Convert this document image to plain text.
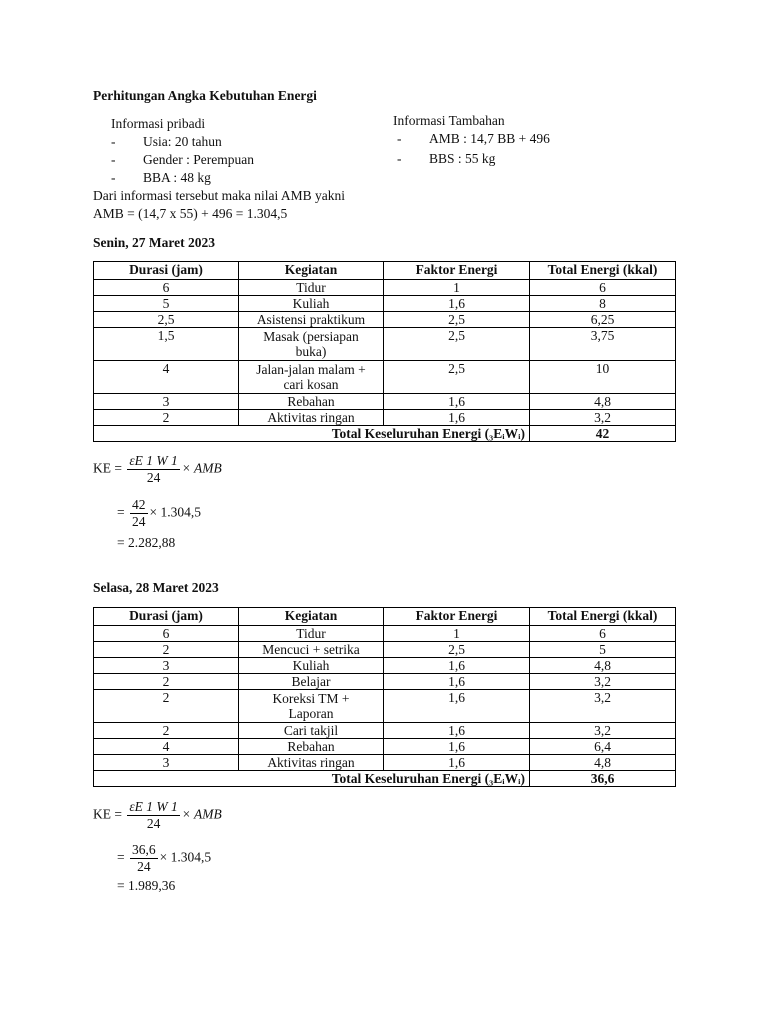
Perhitungan Angka Kebutuhan Energi
Informasi pribadi
- Usia: 20 tahun
- Gender : Perempuan
- BBA : 48 kg
Dari informasi tersebut maka nilai AMB yakni
AMB = (14,7 x 55) + 496 = 1.304,5
Informasi Tambahan
- AMB : 14,7 BB + 496
- BBS : 55 kg
Senin, 27 Maret 2023
Durasi (jam)	Kegiatan	Faktor Energi	Total Energi (kkal)
6	Tidur	1	6
5	Kuliah	1,6	8
2,5	Asistensi praktikum	2,5	6,25
1,5	Masak (persiapan buka)	2,5	3,75
4	Jalan-jalan malam + cari kosan	2,5	10
3	Rebahan	1,6	4,8
2	Aktivitas ringan	1,6	3,2
Total Keseluruhan Energi (₃EᵢWᵢ)			42
KE = $\frac{\varepsilon E 1 W 1}{24}$ × AMB
= $\frac{42}{24} \times 1.304,5$
= 2.282,88
Selasa, 28 Maret 2023
Durasi (jam)	Kegiatan	Faktor Energi	Total Energi (kkal)
6	Tidur	1	6
2	Mencuci + setrika	2,5	5
3	Kuliah	1,6	4,8
2	Belajar	1,6	3,2
2	Koreksi TM + Laporan	1,6	3,2
2	Cari takjil	1,6	3,2
4	Rebahan	1,6	6,4
3	Aktivitas ringan	1,6	4,8
Total Keseluruhan Energi (₃EᵢWᵢ)			36,6
KE = $\frac{\varepsilon E 1 W 1}{24}$ × AMB
= $\frac{36,6}{24} \times 1.304,5$
= 1.989,36
